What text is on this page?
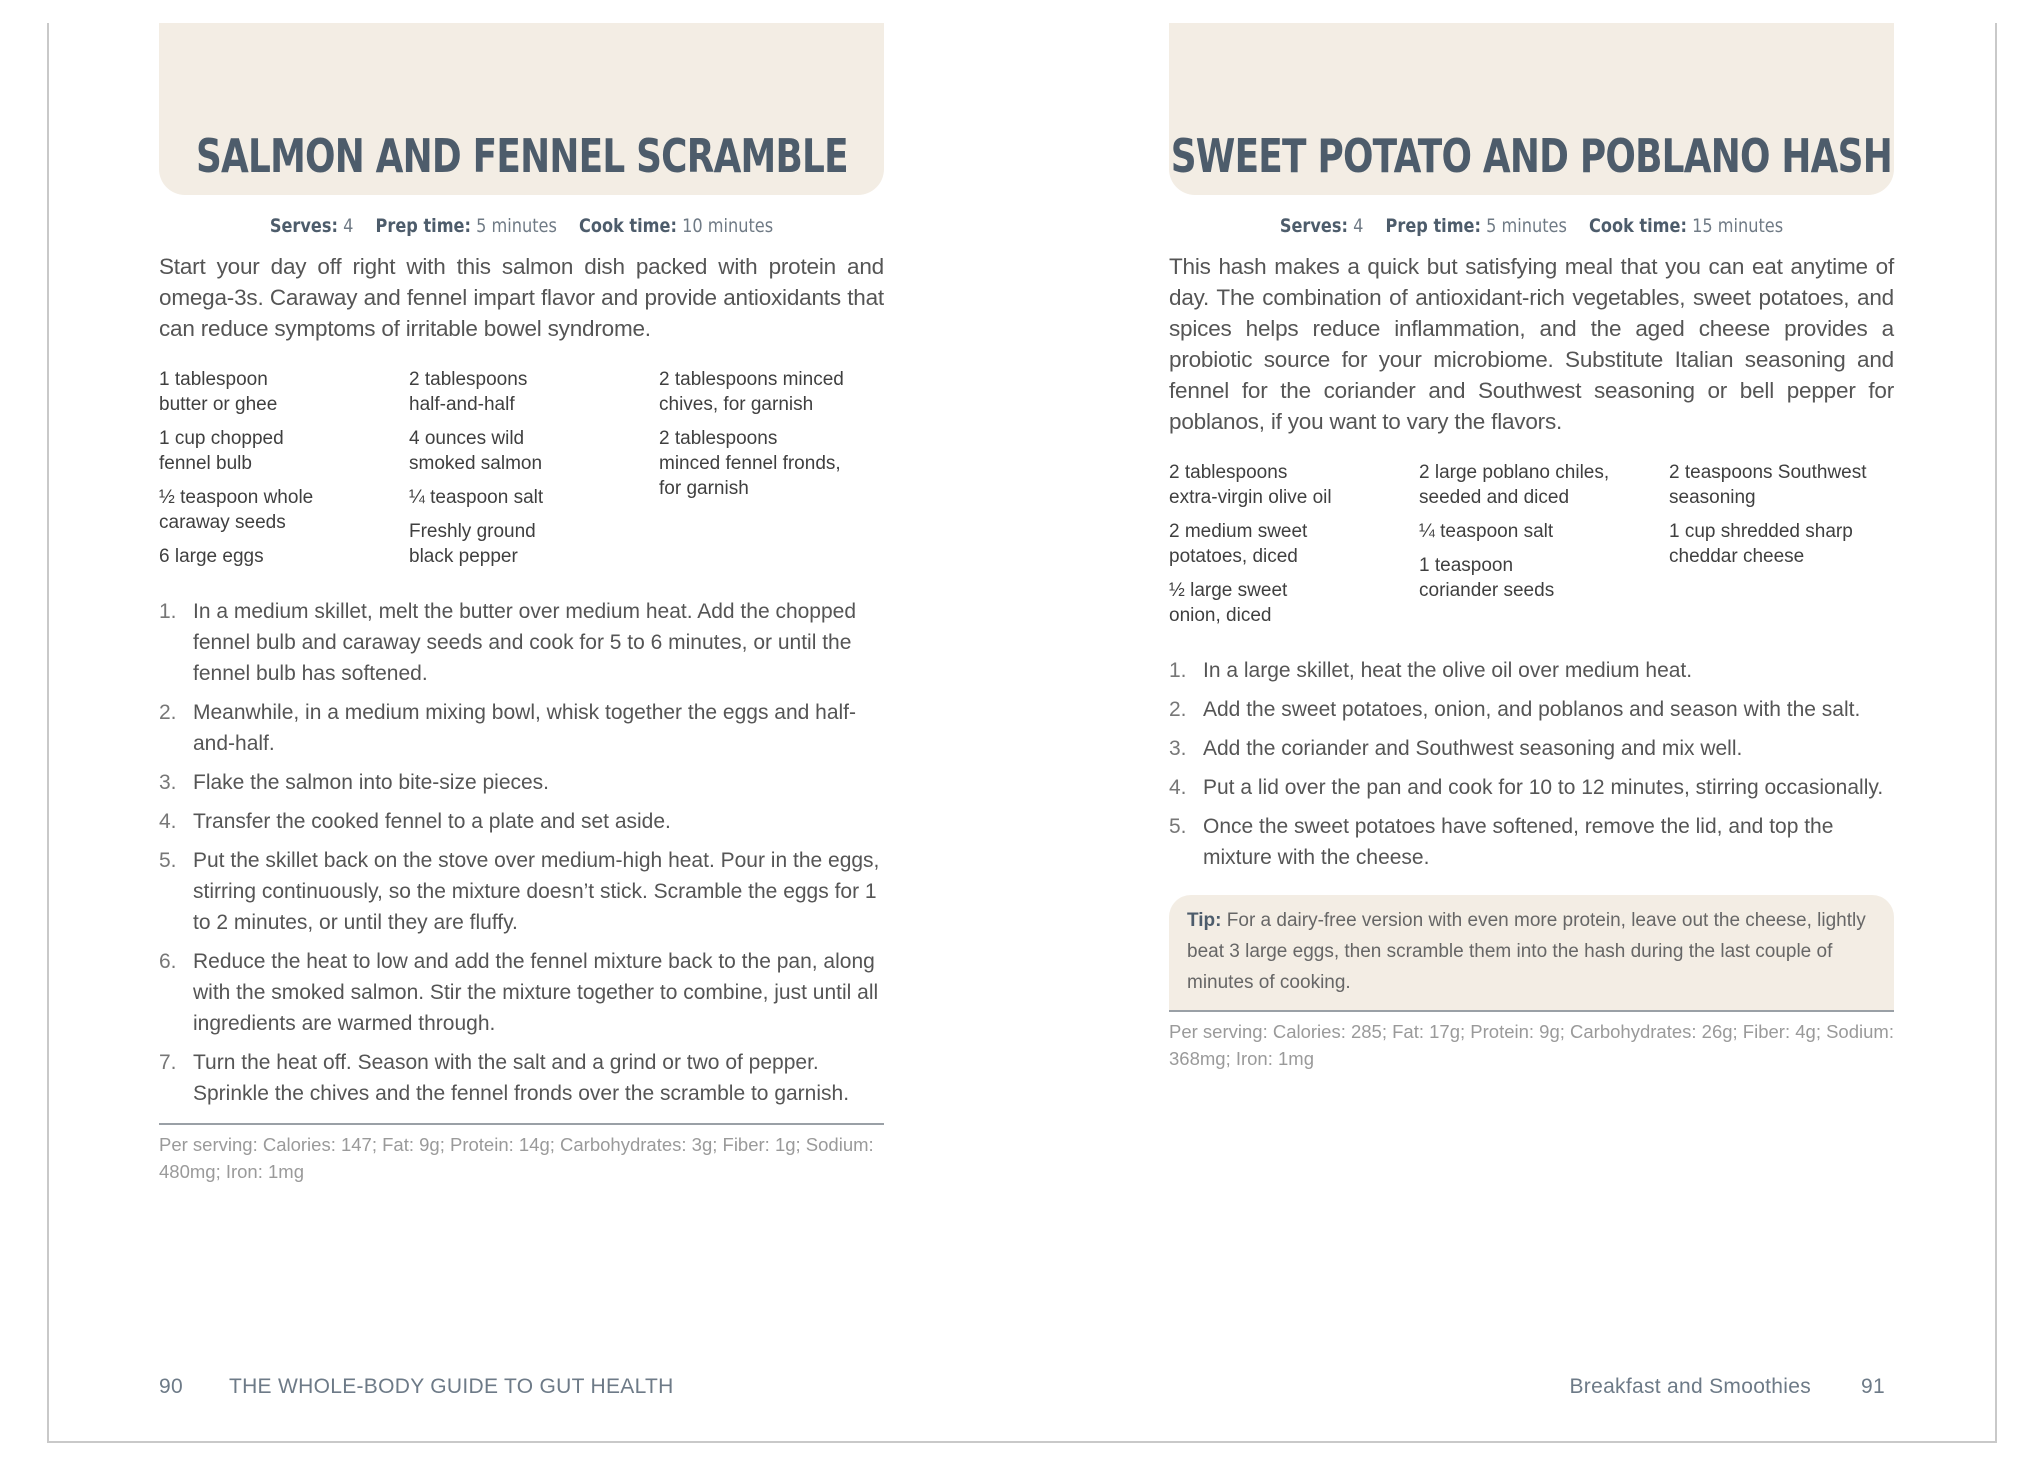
SALMON AND FENNEL SCRAMBLE
Serves: 4 Prep time: 5 minutes Cook time: 10 minutes

Start your day off right with this salmon dish packed with protein and omega-3s. Caraway and fennel impart flavor and provide antioxidants that can reduce symptoms of irritable bowel syndrome.

1 tablespoon
butter or ghee
1 cup chopped
fennel bulb
½ teaspoon whole
caraway seeds
6 large eggs
2 tablespoons
half-and-half
4 ounces wild
smoked salmon
¼ teaspoon salt
Freshly ground
black pepper
2 tablespoons minced
chives, for garnish
2 tablespoons
minced fennel fronds,
for garnish
1. In a medium skillet, melt the butter over medium heat. Add the chopped fennel bulb and caraway seeds and cook for 5 to 6 minutes, or until the fennel bulb has softened.
2. Meanwhile, in a medium mixing bowl, whisk together the eggs and half-and-half.
3. Flake the salmon into bite-size pieces.
4. Transfer the cooked fennel to a plate and set aside.
5. Put the skillet back on the stove over medium-high heat. Pour in the eggs, stirring continuously, so the mixture doesn’t stick. Scramble the eggs for 1 to 2 minutes, or until they are fluffy.
6. Reduce the heat to low and add the fennel mixture back to the pan, along with the smoked salmon. Stir the mixture together to combine, just until all ingredients are warmed through.
7. Turn the heat off. Season with the salt and a grind or two of pepper. Sprinkle the chives and the fennel fronds over the scramble to garnish.
Per serving: Calories: 147; Fat: 9g; Protein: 14g; Carbohydrates: 3g; Fiber: 1g; Sodium: 480mg; Iron: 1mg
SWEET POTATO AND POBLANO HASH
Serves: 4 Prep time: 5 minutes Cook time: 15 minutes

This hash makes a quick but satisfying meal that you can eat anytime of day. The combination of antioxidant-rich vegetables, sweet potatoes, and spices helps reduce inflammation, and the aged cheese provides a probiotic source for your microbiome. Substitute Italian seasoning and fennel for the coriander and Southwest seasoning or bell pepper for poblanos, if you want to vary the flavors.

2 tablespoons
extra-virgin olive oil
2 medium sweet
potatoes, diced
½ large sweet
onion, diced
2 large poblano chiles,
seeded and diced
¼ teaspoon salt
1 teaspoon
coriander seeds
2 teaspoons Southwest
seasoning
1 cup shredded sharp
cheddar cheese
1. In a large skillet, heat the olive oil over medium heat.
2. Add the sweet potatoes, onion, and poblanos and season with the salt.
3. Add the coriander and Southwest seasoning and mix well.
4. Put a lid over the pan and cook for 10 to 12 minutes, stirring occasionally.
5. Once the sweet potatoes have softened, remove the lid, and top the mixture with the cheese.
Tip: For a dairy-free version with even more protein, leave out the cheese, lightly beat 3 large eggs, then scramble them into the hash during the last couple of minutes of cooking.
Per serving: Calories: 285; Fat: 17g; Protein: 9g; Carbohydrates: 26g; Fiber: 4g; Sodium: 368mg; Iron: 1mg
90 THE WHOLE-BODY GUIDE TO GUT HEALTH	Breakfast and Smoothies 91
